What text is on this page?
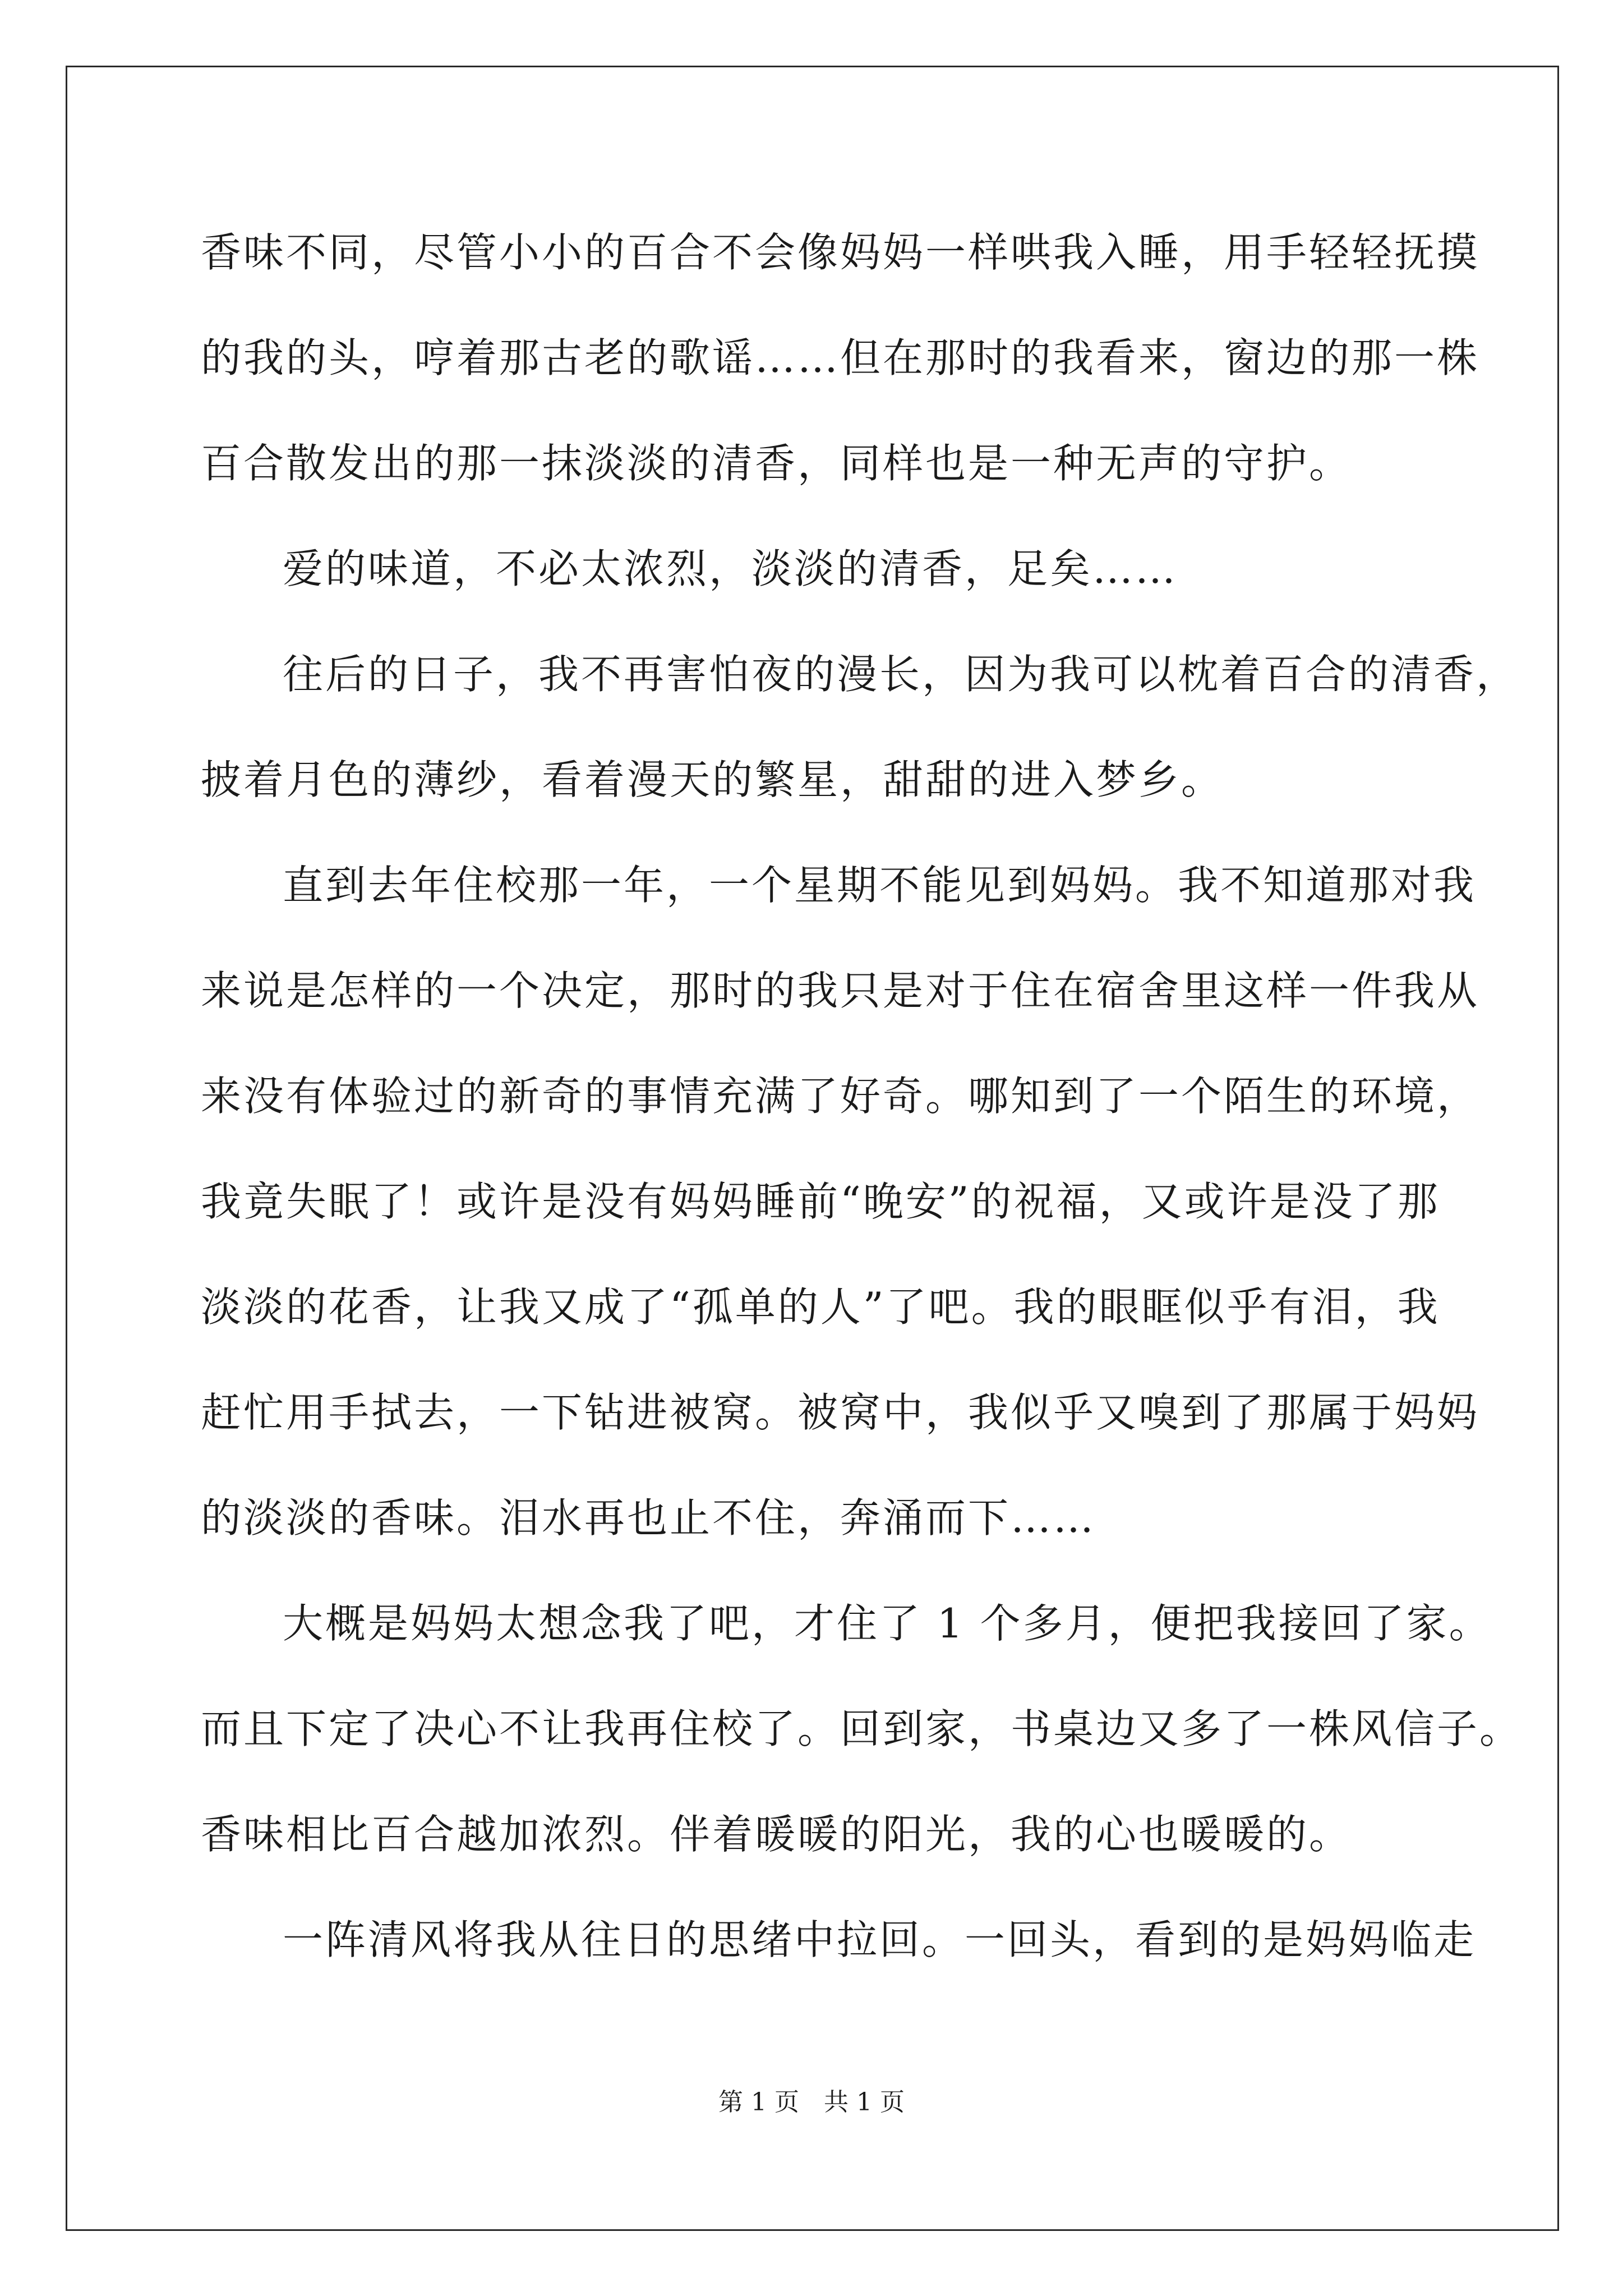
香味不同，尽管小小的百合不会像妈妈一样哄我入睡，用手轻轻抚摸
的我的头，哼着那古老的歌谣……但在那时的我看来，窗边的那一株
百合散发出的那一抹淡淡的清香，同样也是一种无声的守护。
爱的味道，不必太浓烈，淡淡的清香，足矣……
往后的日子，我不再害怕夜的漫长，因为我可以枕着百合的清香，
披着月色的薄纱，看着漫天的繁星，甜甜的进入梦乡。
直到去年住校那一年，一个星期不能见到妈妈。我不知道那对我
来说是怎样的一个决定，那时的我只是对于住在宿舍里这样一件我从
来没有体验过的新奇的事情充满了好奇。哪知到了一个陌生的环境，
我竟失眠了！或许是没有妈妈睡前“晚安”的祝福，又或许是没了那
淡淡的花香，让我又成了“孤单的人”了吧。我的眼眶似乎有泪，我
赶忙用手拭去，一下钻进被窝。被窝中，我似乎又嗅到了那属于妈妈
的淡淡的香味。泪水再也止不住，奔涌而下……
大概是妈妈太想念我了吧，才住了 1 个多月，便把我接回了家。
而且下定了决心不让我再住校了。回到家，书桌边又多了一株风信子。
香味相比百合越加浓烈。伴着暖暖的阳光，我的心也暖暖的。
一阵清风将我从往日的思绪中拉回。一回头，看到的是妈妈临走
第 1 页　共 1 页
